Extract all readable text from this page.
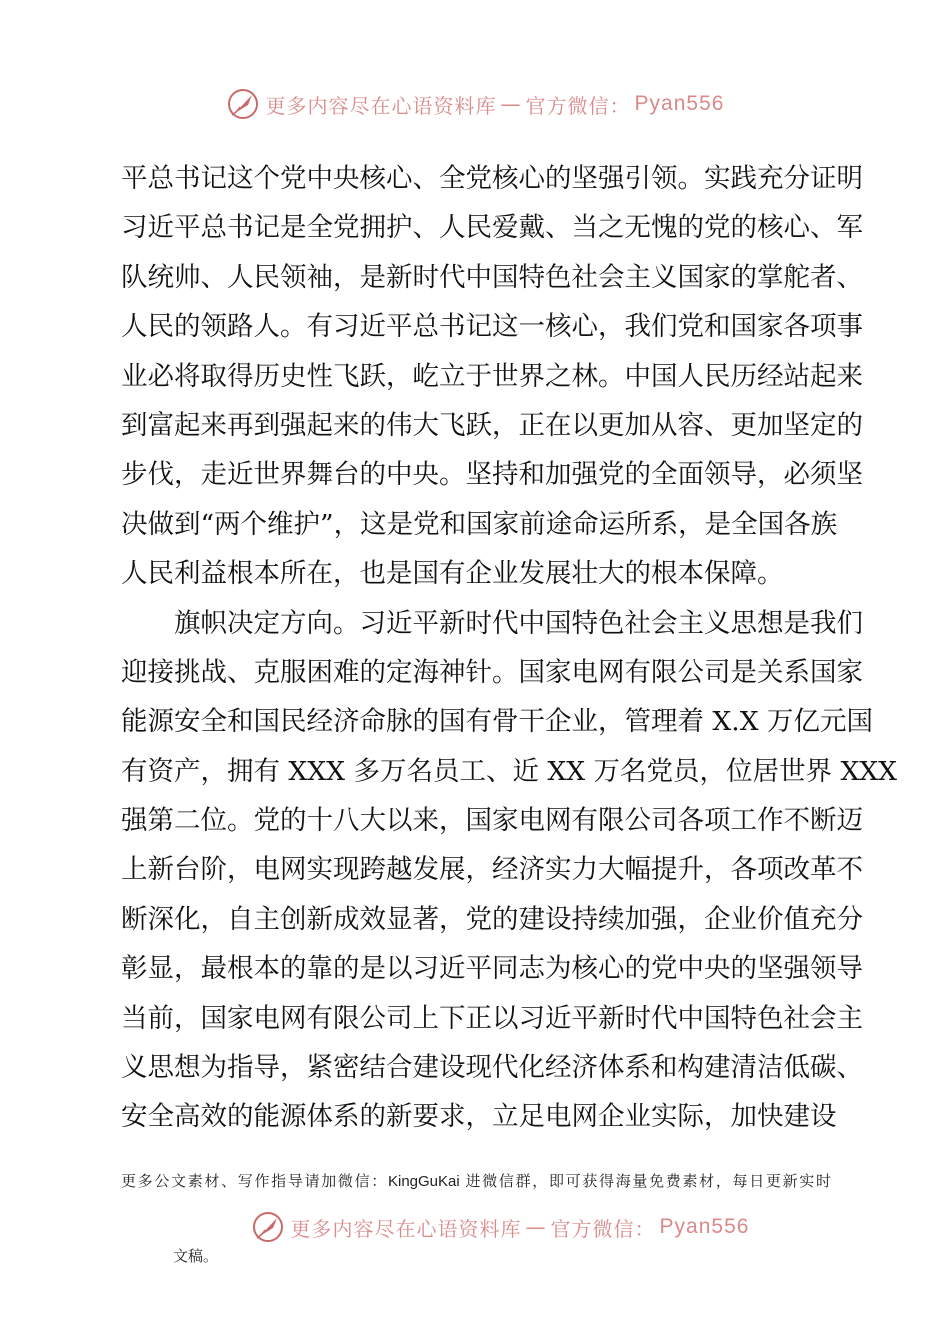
更多内容尽在心语资料库 — 官方微信： Pyan556
平总书记这个党中央核心、全党核心的坚强引领。实践充分证明
习近平总书记是全党拥护、人民爱戴、当之无愧的党的核心、军
队统帅、人民领袖，是新时代中国特色社会主义国家的掌舵者、
人民的领路人。有习近平总书记这一核心，我们党和国家各项事
业必将取得历史性飞跃，屹立于世界之林。中国人民历经站起来
到富起来再到强起来的伟大飞跃，正在以更加从容、更加坚定的
步伐，走近世界舞台的中央。坚持和加强党的全面领导，必须坚
决做到“两个维护”，这是党和国家前途命运所系，是全国各族
人民利益根本所在，也是国有企业发展壮大的根本保障。
　　旗帜决定方向。习近平新时代中国特色社会主义思想是我们
迎接挑战、克服困难的定海神针。国家电网有限公司是关系国家
能源安全和国民经济命脉的国有骨干企业，管理着 X.X 万亿元国
有资产，拥有 XXX 多万名员工、近 XX 万名党员，位居世界 XXX
强第二位。党的十八大以来，国家电网有限公司各项工作不断迈
上新台阶，电网实现跨越发展，经济实力大幅提升，各项改革不
断深化，自主创新成效显著，党的建设持续加强，企业价值充分
彰显，最根本的靠的是以习近平同志为核心的党中央的坚强领导
当前，国家电网有限公司上下正以习近平新时代中国特色社会主
义思想为指导，紧密结合建设现代化经济体系和构建清洁低碳、
安全高效的能源体系的新要求，立足电网企业实际，加快建设
更多公文素材、写作指导请加微信：KingGuKai 进微信群，即可获得海量免费素材，每日更新实时
更多内容尽在心语资料库 — 官方微信： Pyan556
文稿。
